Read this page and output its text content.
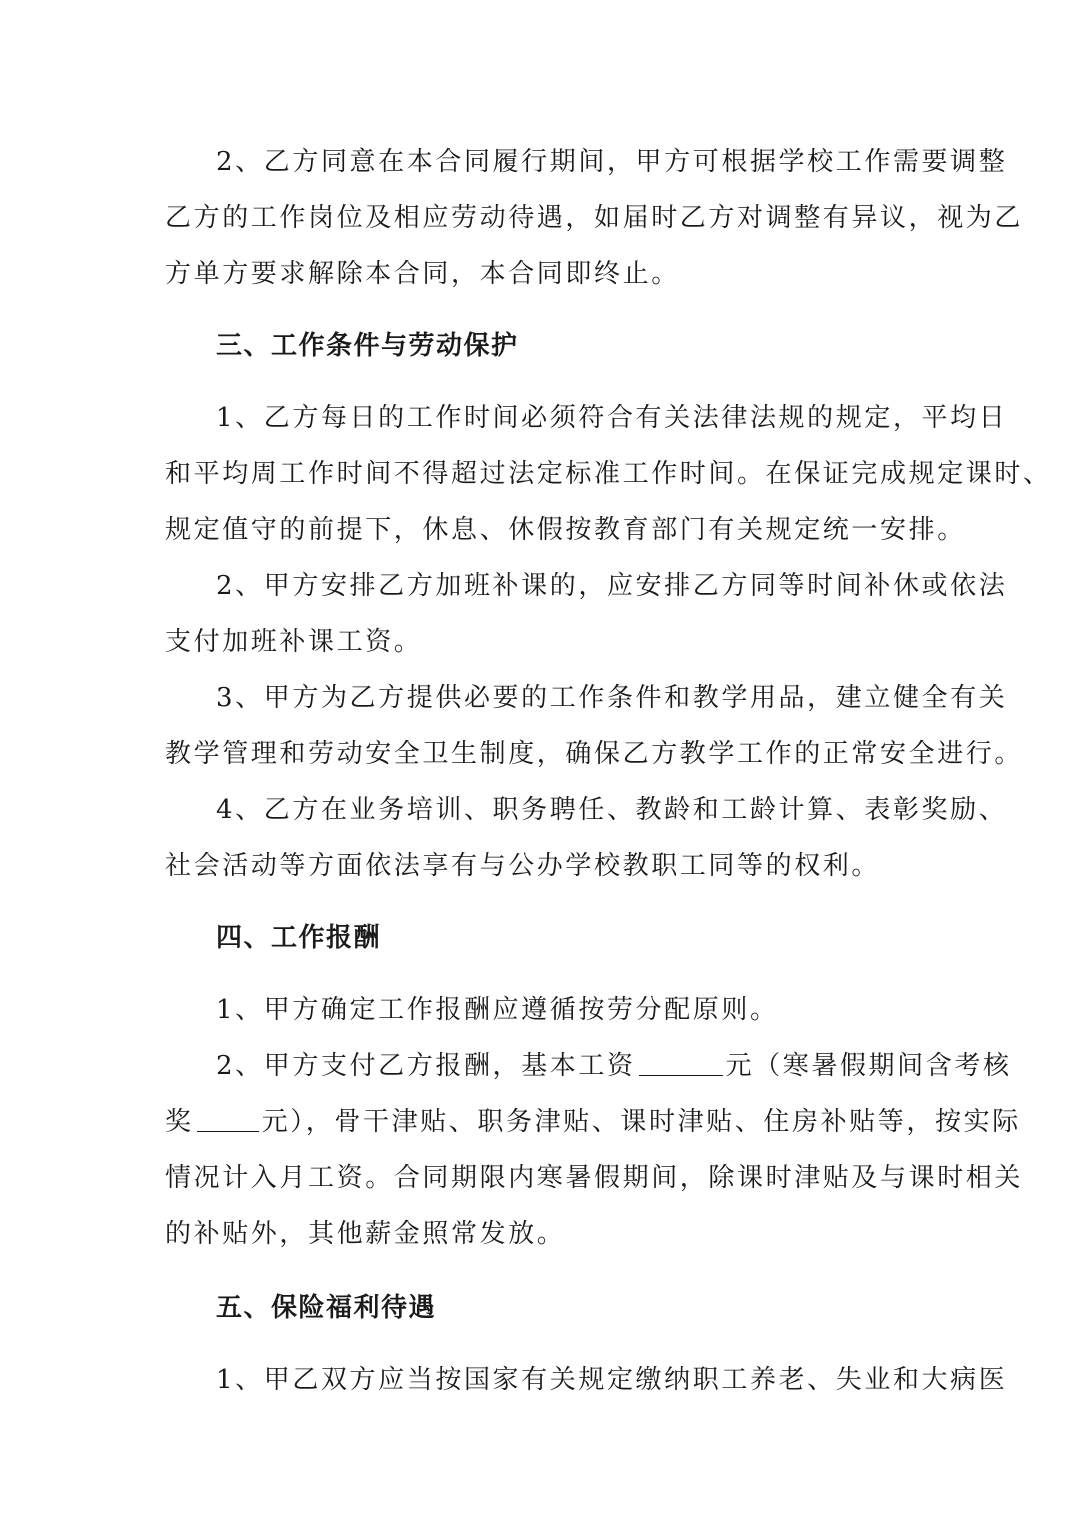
2、乙方同意在本合同履行期间，甲方可根据学校工作需要调整
乙方的工作岗位及相应劳动待遇，如届时乙方对调整有异议，视为乙
方单方要求解除本合同，本合同即终止。
三、工作条件与劳动保护
1、乙方每日的工作时间必须符合有关法律法规的规定，平均日
和平均周工作时间不得超过法定标准工作时间。在保证完成规定课时、
规定值守的前提下，休息、休假按教育部门有关规定统一安排。
2、甲方安排乙方加班补课的，应安排乙方同等时间补休或依法
支付加班补课工资。
3、甲方为乙方提供必要的工作条件和教学用品，建立健全有关
教学管理和劳动安全卫生制度，确保乙方教学工作的正常安全进行。
4、乙方在业务培训、职务聘任、教龄和工龄计算、表彰奖励、
社会活动等方面依法享有与公办学校教职工同等的权利。
四、工作报酬
1、甲方确定工作报酬应遵循按劳分配原则。
2、甲方支付乙方报酬，基本工资	元（寒暑假期间含考核
奖	元），骨干津贴、职务津贴、课时津贴、住房补贴等，按实际
情况计入月工资。合同期限内寒暑假期间，除课时津贴及与课时相关
的补贴外，其他薪金照常发放。
五、保险福利待遇
1、甲乙双方应当按国家有关规定缴纳职工养老、失业和大病医
